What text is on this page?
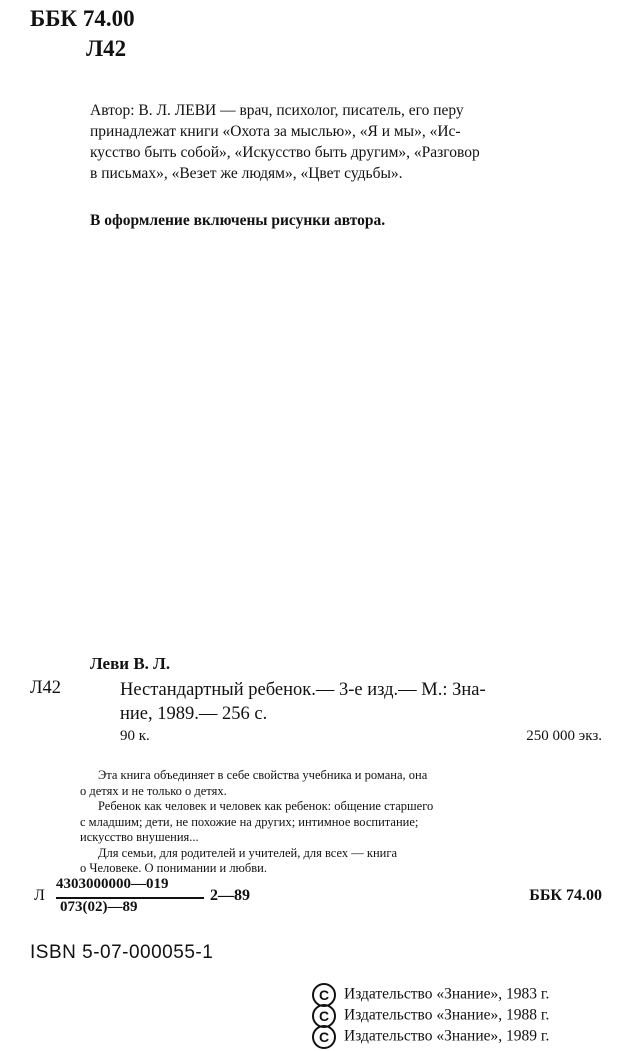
ББК 74.00
Л42

Автор: В. Л. ЛЕВИ — врач, психолог, писатель, его перу

принадлежат книги «Охота за мыслью», «Я и мы», «Ис-

кусство быть собой», «Искусство быть другим», «Разговор

в письмах», «Везет же людям», «Цвет судьбы».

В оформление включены рисунки автора.
Леви В. Л.
Л42	Нестандартный ребенок.— 3-е изд.— М.: Зна-

ние, 1989.— 256 с.

90 к.	250 000 экз.

Эта книга объединяет в себе свойства учебника и романа, она

о детях и не только о детях.

Ребенок как человек и человек как ребенок: общение старшего

с младшим; дети, не похожие на других; интимное воспитание;

искусство внушения...

Для семьи, для родителей и учителей, для всех — книга

о Человеке. О понимании и любви.

Л
4303000000—019
073(02)—89
2—89	ББК 74.00
ISBN 5-07-000055-1
C Издательство «Знание», 1983 г.
C Издательство «Знание», 1988 г.
C Издательство «Знание», 1989 г.
